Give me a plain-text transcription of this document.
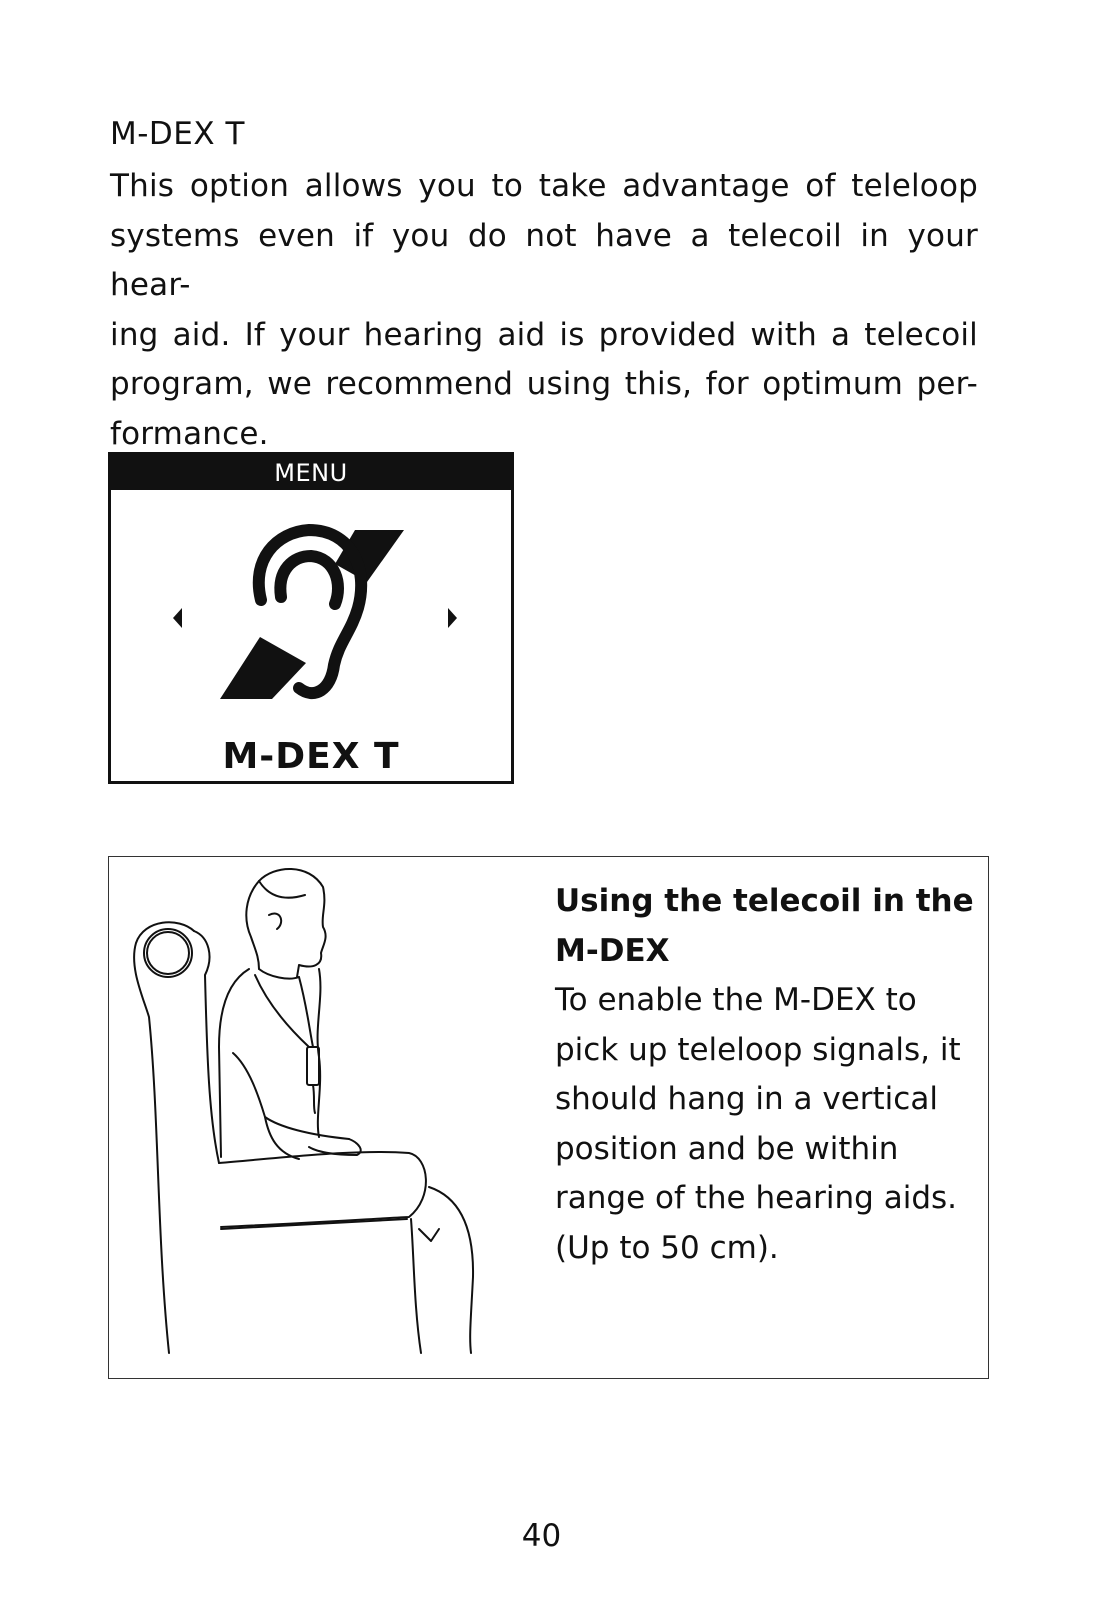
M-DEX T
This option allows you to take advantage of teleloop
systems even if you do not have a telecoil in your hear-
ing aid. If your hearing aid is provided with a telecoil
program, we recommend using this, for optimum per-
formance.
MENU
M-DEX T
Using the telecoil in the
M-DEX
To enable the M-DEX to
pick up teleloop signals, it
should hang in a vertical
position and be within
range of the hearing aids.
(Up to 50 cm).
40
